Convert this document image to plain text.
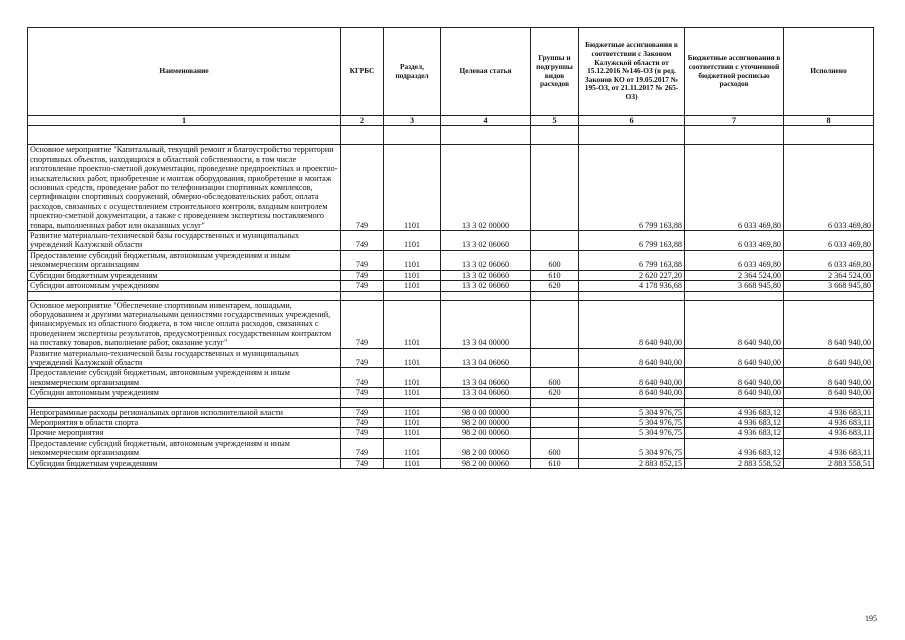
Наименование	КГРБС	Раздел, подраздел	Целевая статья	Группы и подгруппы видов расходов	Бюджетные ассигнования в соответствии с Законом Калужской области от 15.12.2016 №146-ОЗ (в ред. Законов КО от 19.05.2017 № 195-ОЗ, от 21.11.2017 № 265-ОЗ)	Бюджетные ассигнования в соответствии с уточненной бюджетной росписью расходов	Исполнено
1	2	3	4	5	6	7	8

Основное мероприятие "Капитальный, текущий ремонт и благоустройство территории спортивных объектов, находящихся в областной собственности, в том числе изготовление проектно-сметной документации, проведение предпроектных и проектно-изыскательских работ, приобретение и монтаж оборудования, приобретение и монтаж основных средств, проведение работ по телефонизации спортивных комплексов, сертификации спортивных сооружений, обмерно-обследовательских работ, оплата расходов, связанных с осуществлением строительного контроля, входным контролем проектно-сметной документации, а также с проведением экспертизы поставляемого товара, выполненных работ или оказанных услуг"	749	1101	13 3 02 00000		6 799 163,88	6 033 469,80	6 033 469,80
Развитие материально-технической базы государственных и муниципальных учреждений Калужской области	749	1101	13 3 02 06060		6 799 163,88	6 033 469,80	6 033 469,80
Предоставление субсидий бюджетным, автономным учреждениям и иным некоммерческим организациям	749	1101	13 3 02 06060	600	6 799 163,88	6 033 469,80	6 033 469,80
Субсидии бюджетным учреждениям	749	1101	13 3 02 06060	610	2 620 227,20	2 364 524,00	2 364 524,00
Субсидии автономным учреждениям	749	1101	13 3 02 06060	620	4 178 936,68	3 668 945,80	3 668 945,80

Основное мероприятие "Обеспечение спортивным инвентарем, лошадьми, оборудованием и другими материальными ценностями государственных учреждений, финансируемых из областного бюджета, в том числе оплата расходов, связанных с проведением экспертизы результатов, предусмотренных государственным контрактом на поставку товаров, выполнение работ, оказание услуг"	749	1101	13 3 04 00000		8 640 940,00	8 640 940,00	8 640 940,00
Развитие материально-технической базы государственных и муниципальных учреждений Калужской области	749	1101	13 3 04 06060		8 640 940,00	8 640 940,00	8 640 940,00
Предоставление субсидий бюджетным, автономным учреждениям и иным некоммерческим организациям	749	1101	13 3 04 06060	600	8 640 940,00	8 640 940,00	8 640 940,00
Субсидии автономным учреждениям	749	1101	13 3 04 06060	620	8 640 940,00	8 640 940,00	8 640 940,00

Непрограммные расходы региональных органов исполнительной власти	749	1101	98 0 00 00000		5 304 976,75	4 936 683,12	4 936 683,11
Мероприятия в области спорта	749	1101	98 2 00 00000		5 304 976,75	4 936 683,12	4 936 683,11
Прочие мероприятия	749	1101	98 2 00 00060		5 304 976,75	4 936 683,12	4 936 683,11
Предоставление субсидий бюджетным, автономным учреждениям и иным некоммерческим организациям	749	1101	98 2 00 00060	600	5 304 976,75	4 936 683,12	4 936 683,11
Субсидии бюджетным учреждениям	749	1101	98 2 00 00060	610	2 883 852,15	2 883 558,52	2 883 558,51
195
